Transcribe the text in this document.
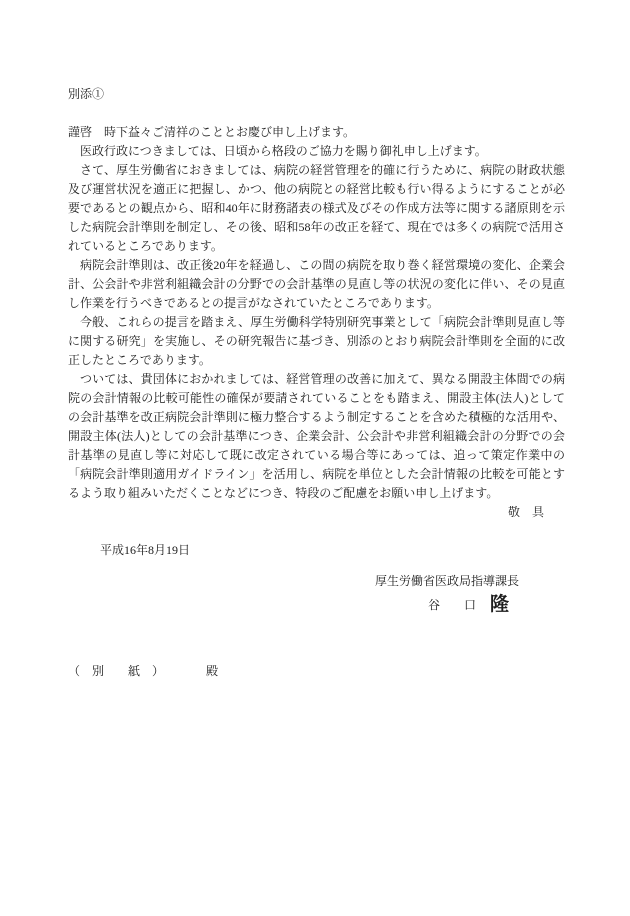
別添①

謹啓　時下益々ご清祥のこととお慶び申し上げます。

医政行政につきましては、日頃から格段のご協力を賜り御礼申し上げます。

さて、厚生労働省におきましては、病院の経営管理を的確に行うために、病院の財政状態及び運営状況を適正に把握し、かつ、他の病院との経営比較も行い得るようにすることが必要であるとの観点から、昭和40年に財務諸表の様式及びその作成方法等に関する諸原則を示した病院会計準則を制定し、その後、昭和58年の改正を経て、現在では多くの病院で活用されているところであります。

病院会計準則は、改正後20年を経過し、この間の病院を取り巻く経営環境の変化、企業会計、公会計や非営利組織会計の分野での会計基準の見直し等の状況の変化に伴い、その見直し作業を行うべきであるとの提言がなされていたところであります。

今般、これらの提言を踏まえ、厚生労働科学特別研究事業として「病院会計準則見直し等に関する研究」を実施し、その研究報告に基づき、別添のとおり病院会計準則を全面的に改正したところであります。

ついては、貴団体におかれましては、経営管理の改善に加えて、異なる開設主体間での病院の会計情報の比較可能性の確保が要請されていることをも踏まえ、開設主体(法人)としての会計基準を改正病院会計準則に極力整合するよう制定することを含めた積極的な活用や、開設主体(法人)としての会計基準につき、企業会計、公会計や非営利組織会計の分野での会計基準の見直し等に対応して既に改定されている場合等にあっては、追って策定作業中の「病院会計準則適用ガイドライン」を活用し、病院を単位とした会計情報の比較を可能とするよう取り組みいただくことなどにつき、特段のご配慮をお願い申し上げます。

敬　具
平成16年8月19日
厚生労働省医政局指導課長
谷　　口 隆
（　別　　紙　）　　　　殿
